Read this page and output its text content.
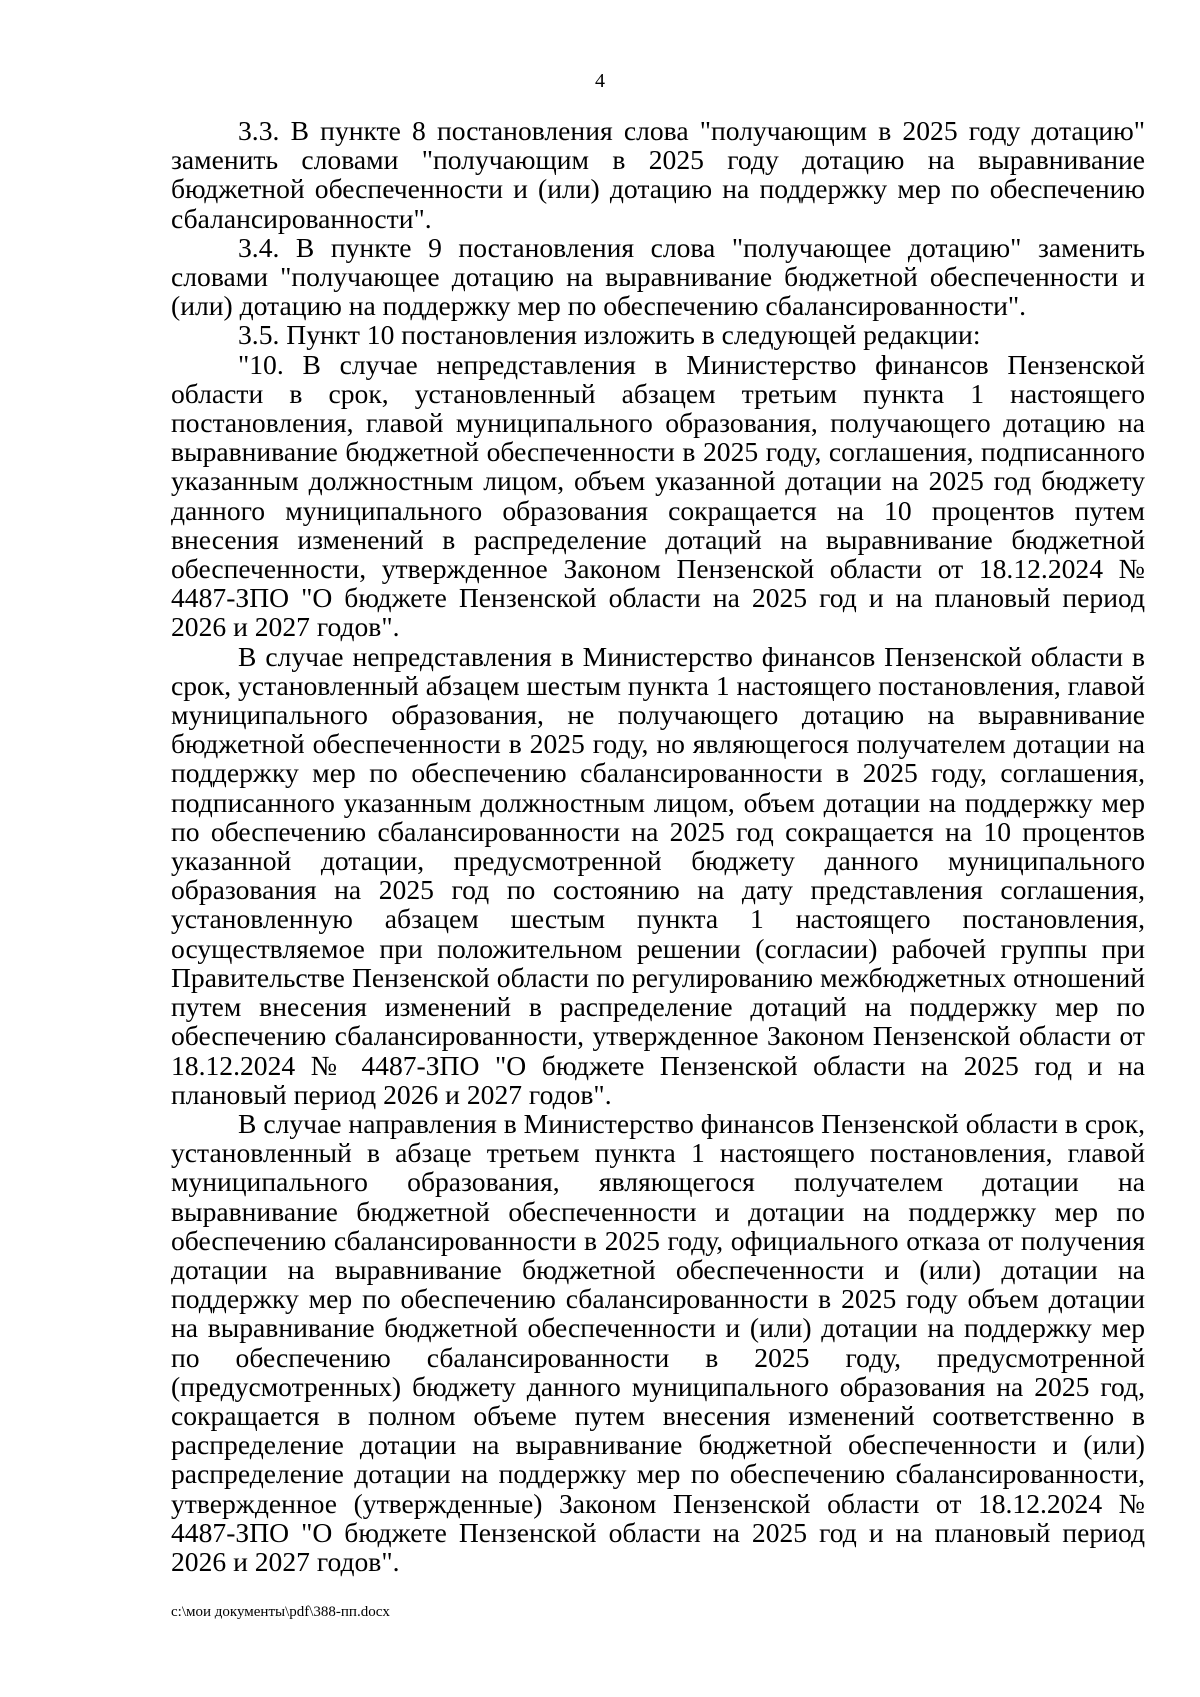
4

3.3. В пункте 8 постановления слова "получающим в 2025 году дотацию" заменить словами "получающим в 2025 году дотацию на выравнивание бюджетной обеспеченности и (или) дотацию на поддержку мер по обеспечению сбалансированности".

3.4. В пункте 9 постановления слова "получающее дотацию" заменить словами "получающее дотацию на выравнивание бюджетной обеспеченности и (или) дотацию на поддержку мер по обеспечению сбалансированности".

3.5. Пункт 10 постановления изложить в следующей редакции:

"10. В случае непредставления в Министерство финансов Пензенской области в срок, установленный абзацем третьим пункта 1 настоящего постановления, главой муниципального образования, получающего дотацию на выравнивание бюджетной обеспеченности в 2025 году, соглашения, подписанного указанным должностным лицом, объем указанной дотации на 2025 год бюджету данного муниципального образования сокращается на 10 процентов путем внесения изменений в распределение дотаций на выравнивание бюджетной обеспеченности, утвержденное Законом Пензенской области от 18.12.2024 № 4487-ЗПО "О бюджете Пензенской области на 2025 год и на плановый период 2026 и 2027 годов".

В случае непредставления в Министерство финансов Пензенской области в срок, установленный абзацем шестым пункта 1 настоящего постановления, главой муниципального образования, не получающего дотацию на выравнивание бюджетной обеспеченности в 2025 году, но являющегося получателем дотации на поддержку мер по обеспечению сбалансированности в 2025 году, соглашения, подписанного указанным должностным лицом, объем дотации на поддержку мер по обеспечению сбалансированности на 2025 год сокращается на 10 процентов указанной дотации, предусмотренной бюджету данного муниципального образования на 2025 год по состоянию на дату представления соглашения, установленную абзацем шестым пункта 1 настоящего постановления, осуществляемое при положительном решении (согласии) рабочей группы при Правительстве Пензенской области по регулированию межбюджетных отношений путем внесения изменений в распределение дотаций на поддержку мер по обеспечению сбалансированности, утвержденное Законом Пензенской области от 18.12.2024 № 4487-ЗПО "О бюджете Пензенской области на 2025 год и на плановый период 2026 и 2027 годов".

В случае направления в Министерство финансов Пензенской области в срок, установленный в абзаце третьем пункта 1 настоящего постановления, главой муниципального образования, являющегося получателем дотации на выравнивание бюджетной обеспеченности и дотации на поддержку мер по обеспечению сбалансированности в 2025 году, официального отказа от получения дотации на выравнивание бюджетной обеспеченности и (или) дотации на поддержку мер по обеспечению сбалансированности в 2025 году объем дотации на выравнивание бюджетной обеспеченности и (или) дотации на поддержку мер по обеспечению сбалансированности в 2025 году, предусмотренной (предусмотренных) бюджету данного муниципального образования на 2025 год, сокращается в полном объеме путем внесения изменений соответственно в распределение дотации на выравнивание бюджетной обеспеченности и (или) распределение дотации на поддержку мер по обеспечению сбалансированности, утвержденное (утвержденные) Законом Пензенской области от 18.12.2024 № 4487-ЗПО "О бюджете Пензенской области на 2025 год и на плановый период 2026 и 2027 годов".

c:\мои документы\pdf\388-пп.docx
